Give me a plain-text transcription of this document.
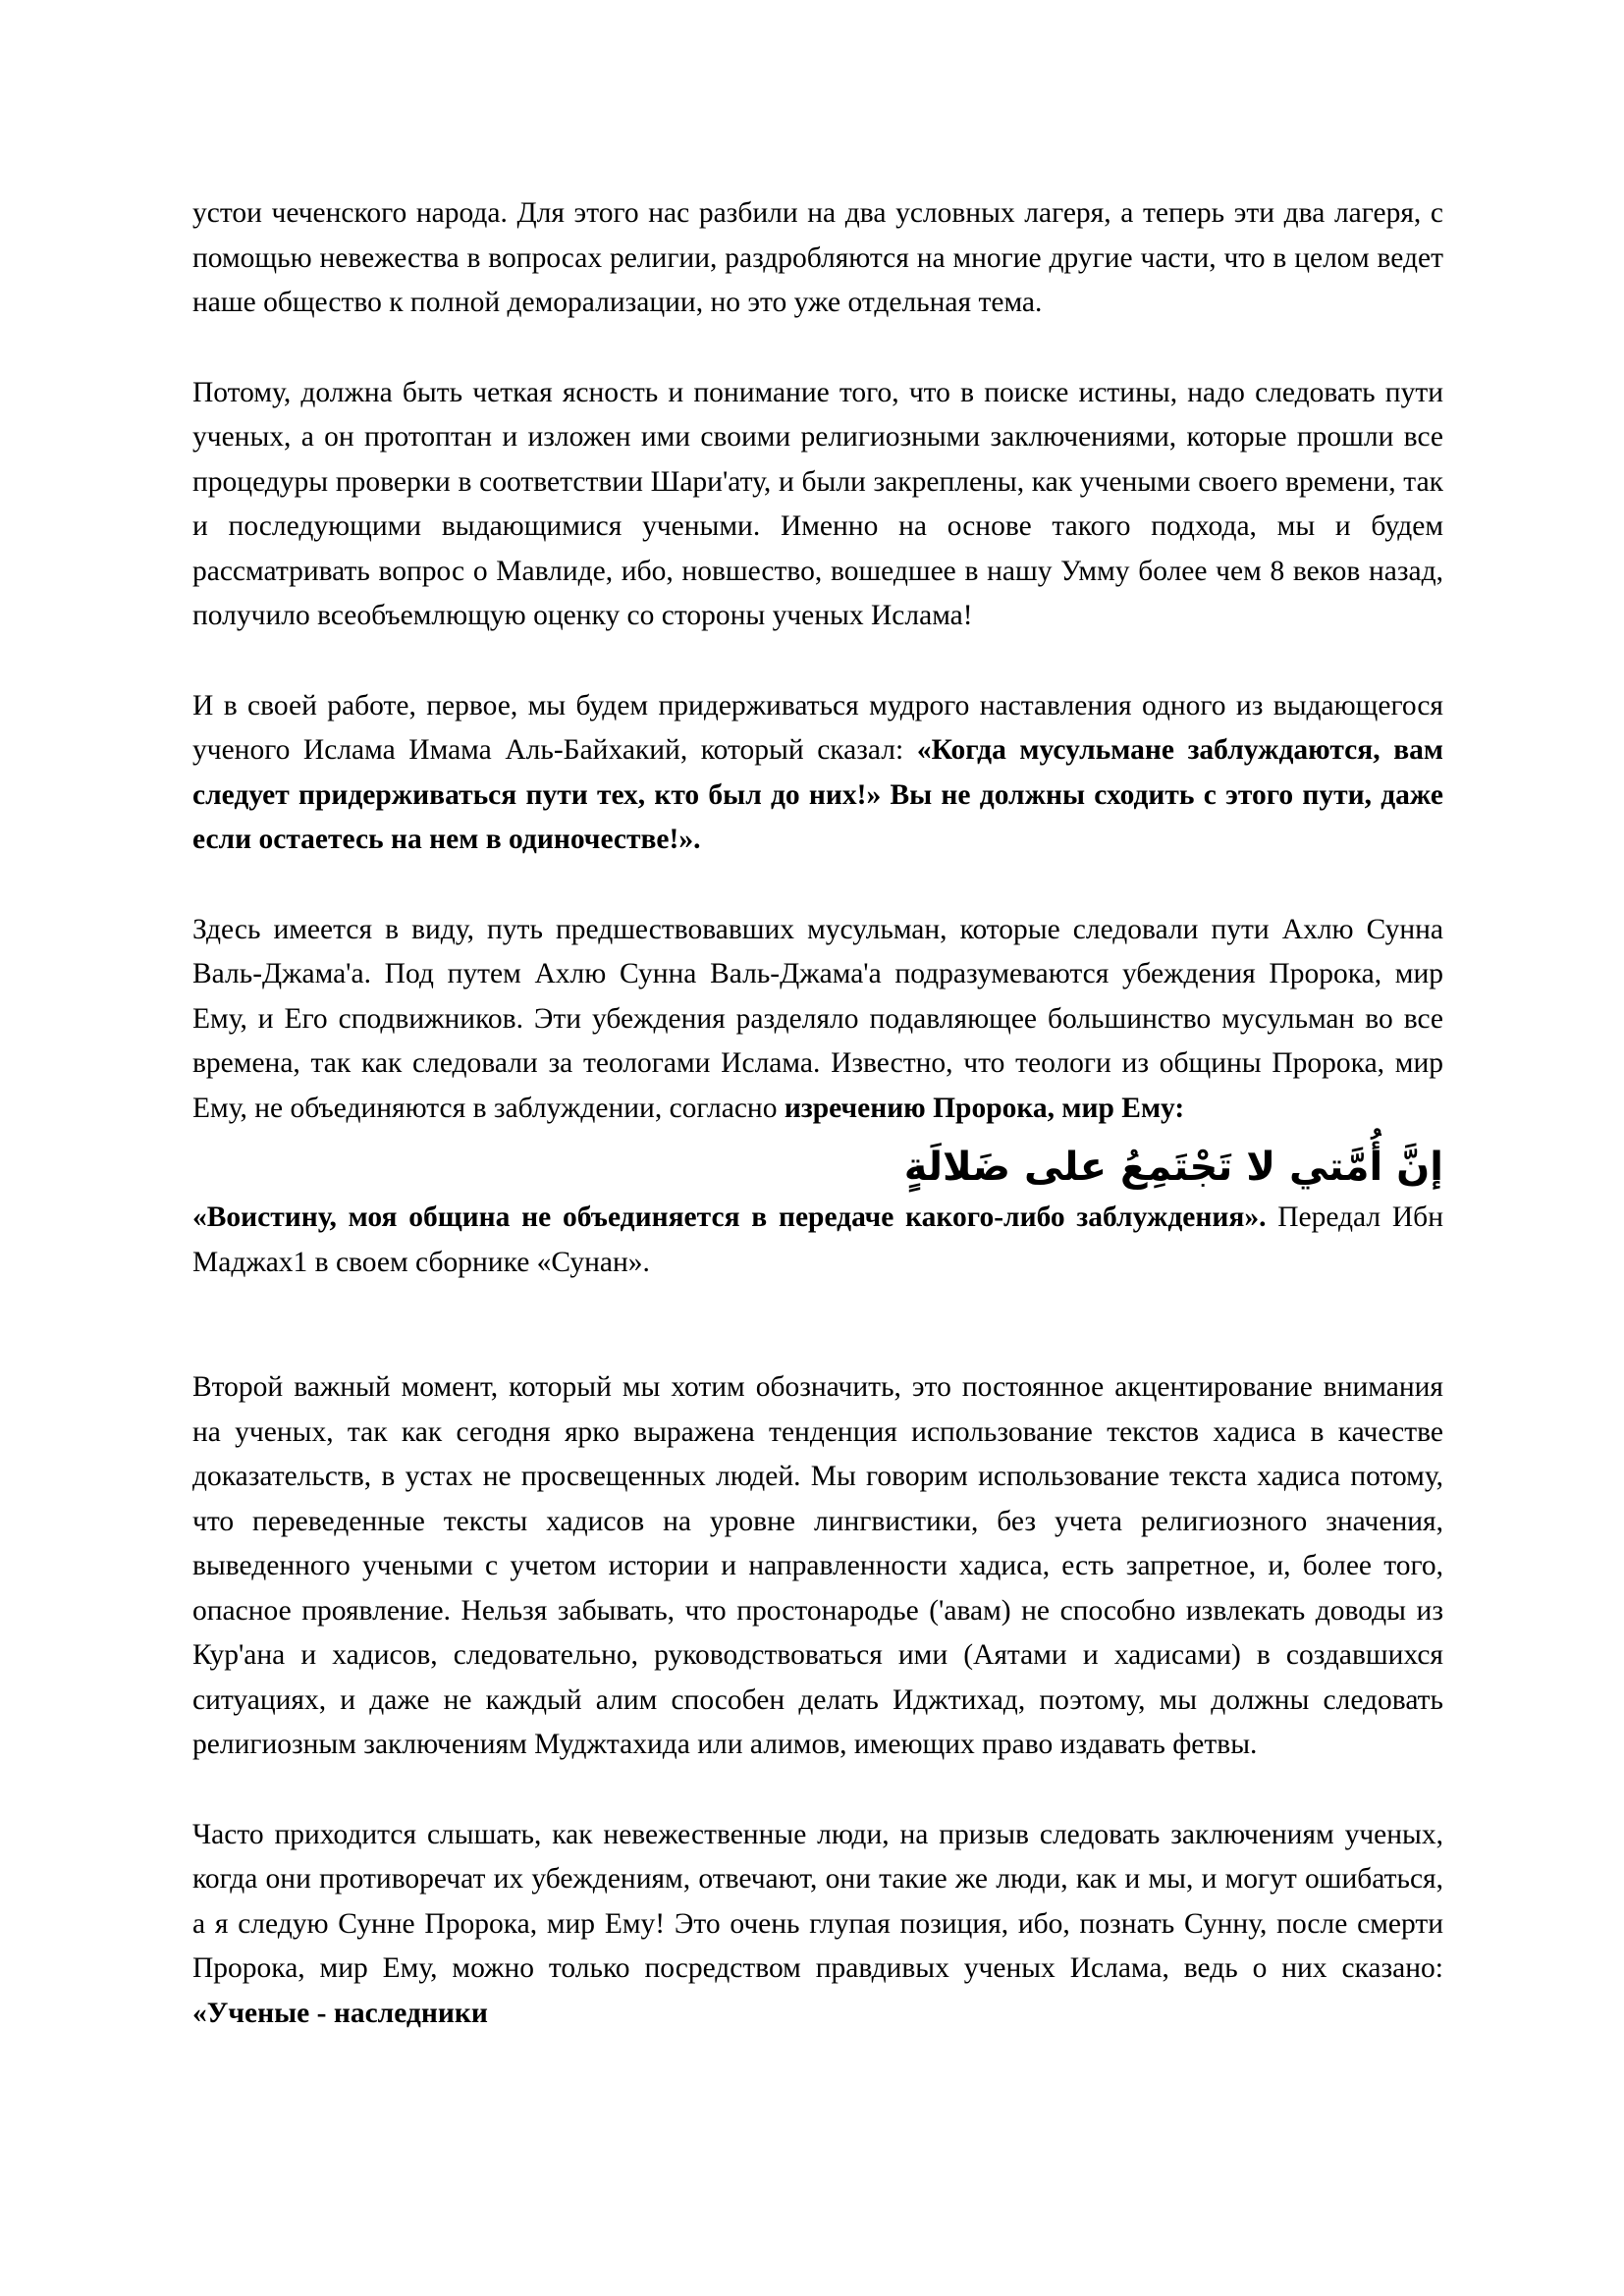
устои чеченского народа. Для этого нас разбили на два условных лагеря, а теперь эти два лагеря, с помощью невежества в вопросах религии, раздробляются на многие другие части, что в целом ведет наше общество к полной деморализации, но это уже отдельная тема.

Потому, должна быть четкая ясность и понимание того, что в поиске истины, надо следовать пути ученых, а он протоптан и изложен ими своими религиозными заключениями, которые прошли все процедуры проверки в соответствии Шари'ату, и были закреплены, как учеными своего времени, так и последующими выдающимися учеными. Именно на основе такого подхода, мы и будем рассматривать вопрос о Мавлиде, ибо, новшество, вошедшее в нашу Умму более чем 8 веков назад, получило всеобъемлющую оценку со стороны ученых Ислама!

И в своей работе, первое, мы будем придерживаться мудрого наставления одного из выдающегося ученого Ислама Имама Аль-Байхакий, который сказал: «Когда мусульмане заблуждаются, вам следует придерживаться пути тех, кто был до них!» Вы не должны сходить с этого пути, даже если остаетесь на нем в одиночестве!».

Здесь имеется в виду, путь предшествовавших мусульман, которые следовали пути Ахлю Сунна Валь-Джама'а. Под путем Ахлю Сунна Валь-Джама'а подразумеваются убеждения Пророка, мир Ему, и Его сподвижников. Эти убеждения разделяло подавляющее большинство мусульман во все времена, так как следовали за теологами Ислама. Известно, что теологи из общины Пророка, мир Ему, не объединяются в заблуждении, согласно изречению Пророка, мир Ему:

إنَّ أُمَّتي لا تَجْتَمِعُ على ضَلالَةٍ

«Воистину, моя община не объединяется в передаче какого-либо заблуждения». Передал Ибн Маджах1 в своем сборнике «Сунан».

Второй важный момент, который мы хотим обозначить, это постоянное акцентирование внимания на ученых, так как сегодня ярко выражена тенденция использование текстов хадиса в качестве доказательств, в устах не просвещенных людей. Мы говорим использование текста хадиса потому, что переведенные тексты хадисов на уровне лингвистики, без учета религиозного значения, выведенного учеными с учетом истории и направленности хадиса, есть запретное, и, более того, опасное проявление. Нельзя забывать, что простонародье ('авам) не способно извлекать доводы из Кур'ана и хадисов, следовательно, руководствоваться ими (Аятами и хадисами) в создавшихся ситуациях, и даже не каждый алим способен делать Иджтихад, поэтому, мы должны следовать религиозным заключениям Муджтахида или алимов, имеющих право издавать фетвы.

Часто приходится слышать, как невежественные люди, на призыв следовать заключениям ученых, когда они противоречат их убеждениям, отвечают, они такие же люди, как и мы, и могут ошибаться, а я следую Сунне Пророка, мир Ему! Это очень глупая позиция, ибо, познать Сунну, после смерти Пророка, мир Ему, можно только посредством правдивых ученых Ислама, ведь о них сказано: «Ученые - наследники
